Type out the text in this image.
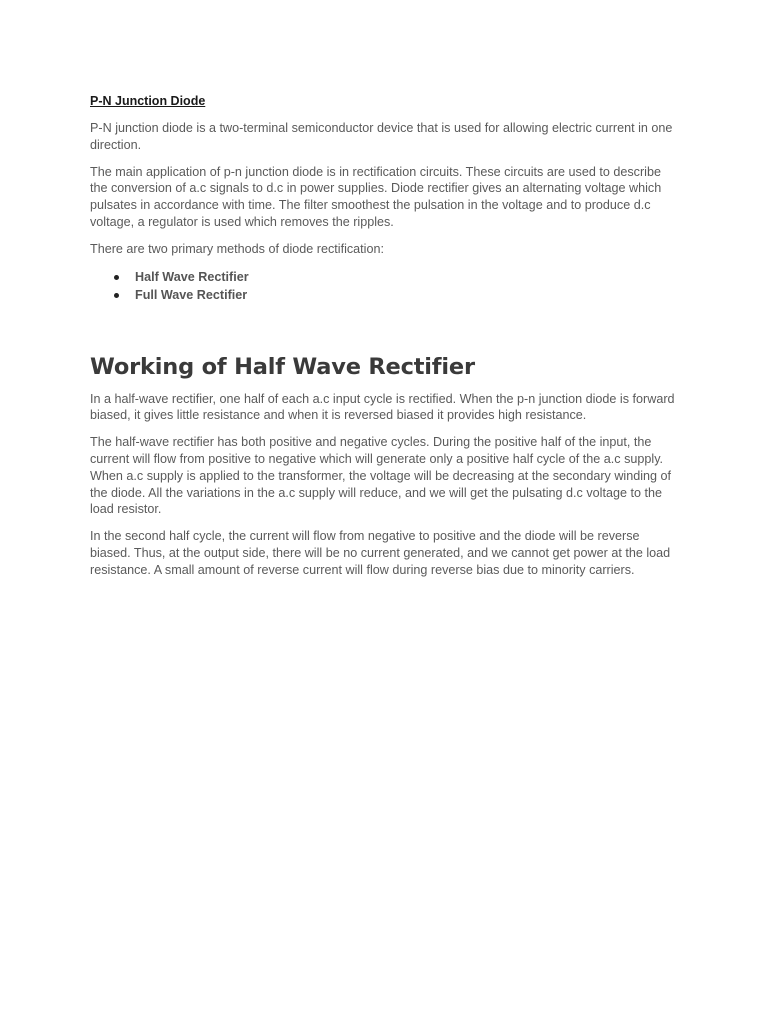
P-N Junction Diode

P-N junction diode is a two-terminal semiconductor device that is used for allowing electric current in one direction.

The main application of p-n junction diode is in rectification circuits. These circuits are used to describe the conversion of a.c signals to d.c in power supplies. Diode rectifier gives an alternating voltage which pulsates in accordance with time. The filter smoothest the pulsation in the voltage and to produce d.c voltage, a regulator is used which removes the ripples.

There are two primary methods of diode rectification:

Half Wave Rectifier
Full Wave Rectifier
Working of Half Wave Rectifier

In a half-wave rectifier, one half of each a.c input cycle is rectified. When the p-n junction diode is forward biased, it gives little resistance and when it is reversed biased it provides high resistance.

The half-wave rectifier has both positive and negative cycles. During the positive half of the input, the current will flow from positive to negative which will generate only a positive half cycle of the a.c supply. When a.c supply is applied to the transformer, the voltage will be decreasing at the secondary winding of the diode. All the variations in the a.c supply will reduce, and we will get the pulsating d.c voltage to the load resistor.

In the second half cycle, the current will flow from negative to positive and the diode will be reverse biased. Thus, at the output side, there will be no current generated, and we cannot get power at the load resistance. A small amount of reverse current will flow during reverse bias due to minority carriers.
